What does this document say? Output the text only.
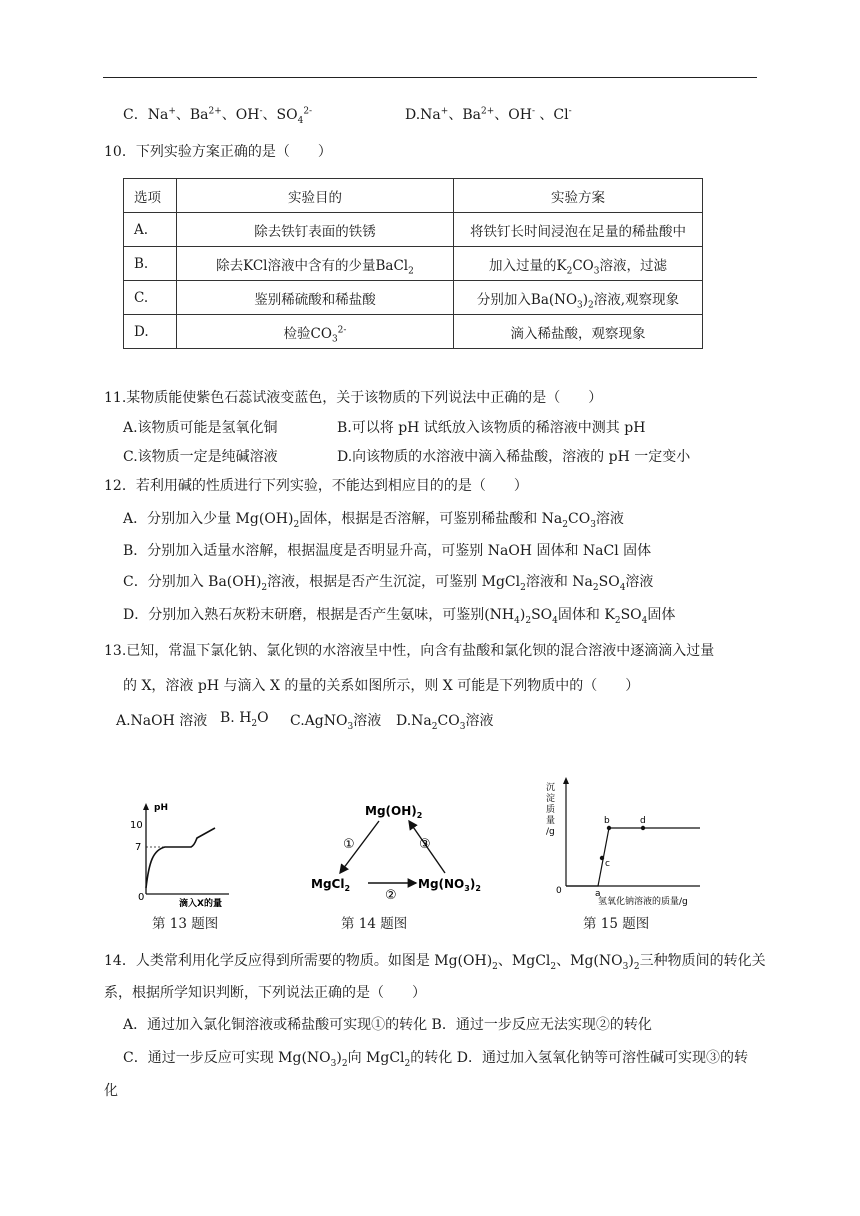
C．Na+、$Ba^{2+}$、OH-、$SO_4^{2-}$	D.Na+、$Ba^{2+}$、OH- 、Cl-
10．下列实验方案正确的是（　　）
选项	实验目的	实验方案
A.	除去铁钉表面的铁锈	将铁钉长时间浸泡在足量的稀盐酸中
B.	除去KCl溶液中含有的少量BaCl$_2$	加入过量的$K_2CO_3$溶液，过滤
C.	鉴别稀硫酸和稀盐酸	分别加入$Ba(NO_3)_2$溶液,观察现象
D.	检验$CO_3^{2-}$	滴入稀盐酸，观察现象
11.某物质能使紫色石蕊试液变蓝色，关于该物质的下列说法中正确的是（　　）
A.该物质可能是氢氧化铜	B.可以将 pH 试纸放入该物质的稀溶液中测其 pH
C.该物质一定是纯碱溶液	D.向该物质的水溶液中滴入稀盐酸，溶液的 pH 一定变小
12．若利用碱的性质进行下列实验，不能达到相应目的的是（　　）
A．分别加入少量 $Mg(OH)_2$固体，根据是否溶解，可鉴别稀盐酸和 $Na_2CO_3$溶液
B．分别加入适量水溶解，根据温度是否明显升高，可鉴别 NaOH 固体和 NaCl 固体
C．分别加入 $Ba(OH)_2$溶液，根据是否产生沉淀，可鉴别 MgCl$_2$溶液和 $Na_2SO_4$溶液
D．分别加入熟石灰粉末研磨，根据是否产生氨味，可鉴别$(NH_4)_2SO_4$固体和 $K_2SO_4$固体
13.已知，常温下氯化钠、氯化钡的水溶液呈中性，向含有盐酸和氯化钡的混合溶液中逐滴滴入过量
的 X，溶液 pH 与滴入 X 的量的关系如图所示，则 X 可能是下列物质中的（　　）
A.NaOH 溶液 B. $H_2O$ C.AgNO$_3$溶液 $D.Na_2CO_3$溶液
pH
10
7
0
滴入X的量
第 13 题图
$Mg(OH)_2$
MgCl$_2$	$Mg(NO_3)_2$
①
②
③
第 14 题图
沉 淀 质 量 /g
0	a
b
c
d
氢氧化钠溶液的质量/g
第 15 题图
14．人类常利用化学反应得到所需要的物质。如图是 $Mg(OH)_2$、MgCl$_2$、$Mg(NO_3)_2$三种物质间的转化关
系，根据所学知识判断，下列说法正确的是（　　）
A．通过加入氯化铜溶液或稀盐酸可实现①的转化 B．通过一步反应无法实现②的转化
C．通过一步反应可实现 $Mg(NO_3)_2$向 MgCl$_2$的转化 D．通过加入氢氧化钠等可溶性碱可实现③的转
化
